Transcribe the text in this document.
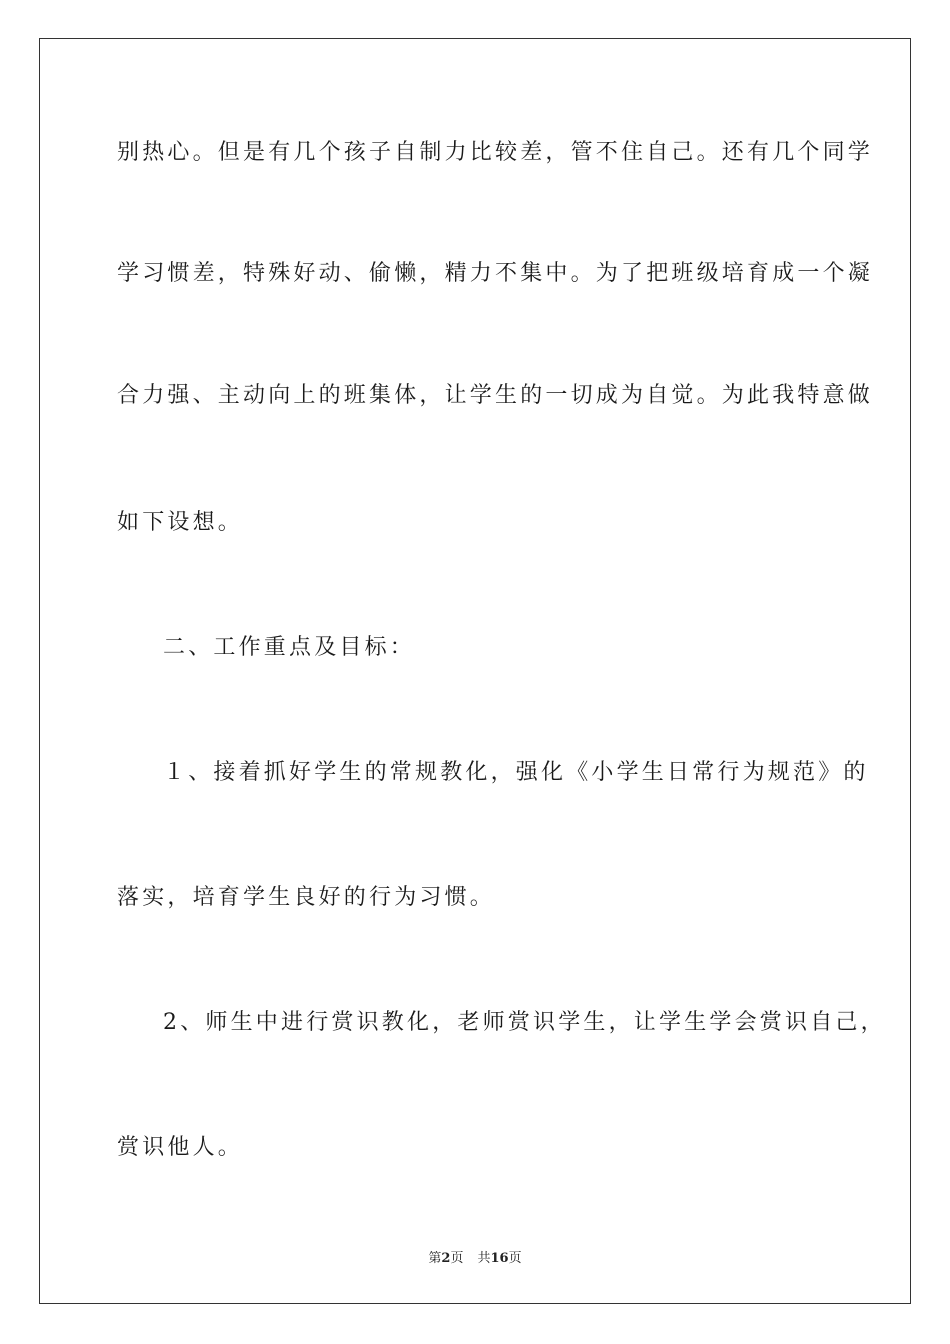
别热心。但是有几个孩子自制力比较差，管不住自己。还有几个同学
学习惯差，特殊好动、偷懒，精力不集中。为了把班级培育成一个凝
合力强、主动向上的班集体，让学生的一切成为自觉。为此我特意做
如下设想。
二、工作重点及目标：
１、接着抓好学生的常规教化，强化《小学生日常行为规范》的
落实，培育学生良好的行为习惯。
2、师生中进行赏识教化，老师赏识学生，让学生学会赏识自己，
赏识他人。
第2页 共16页
